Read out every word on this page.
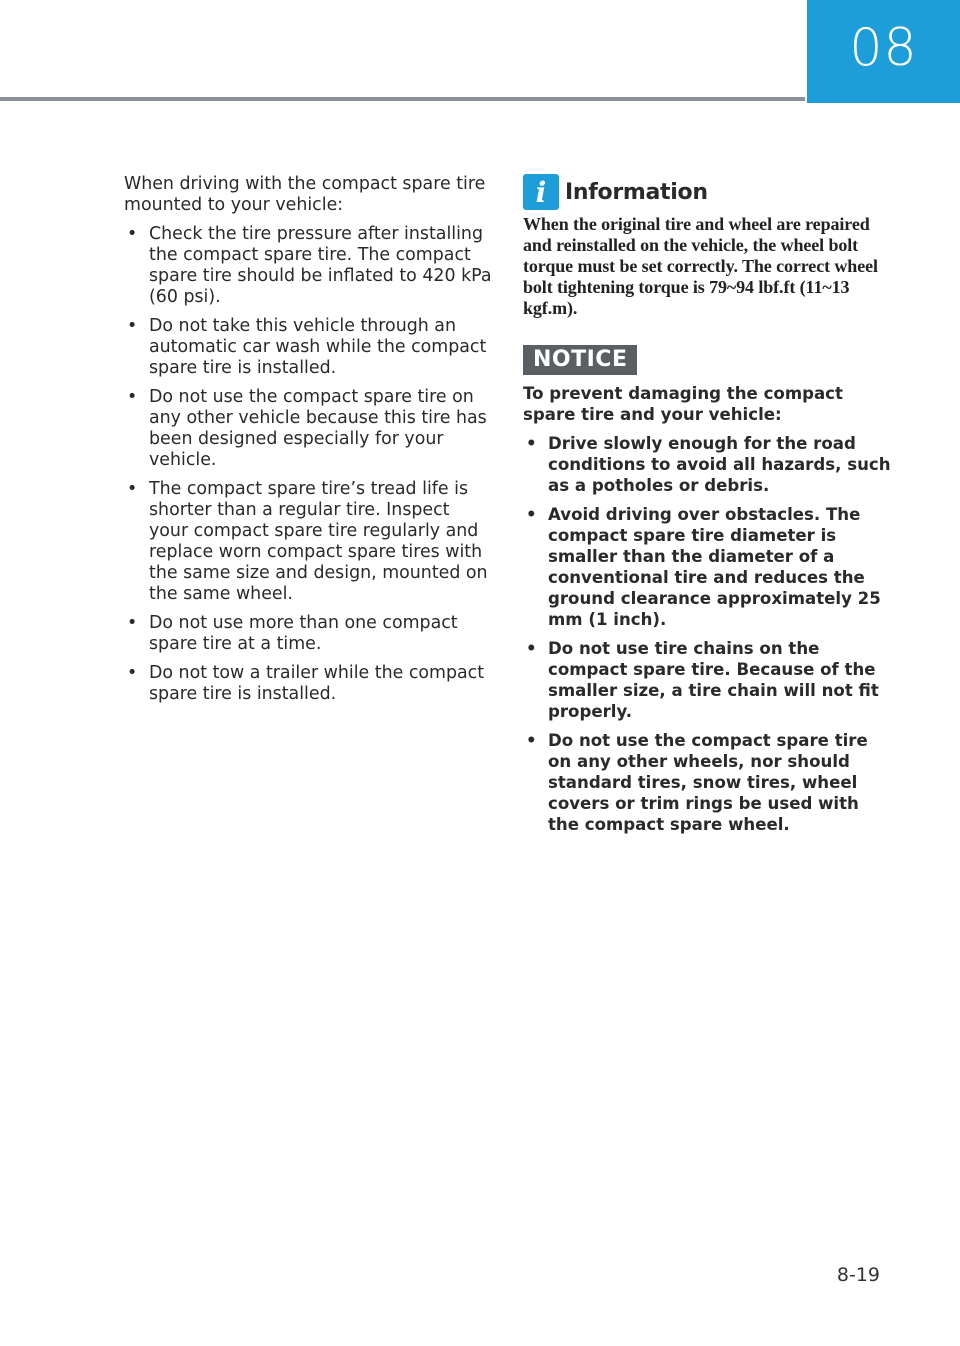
08

When driving with the compact spare tire mounted to your vehicle:

• Check the tire pressure after installing the compact spare tire. The compact spare tire should be inflated to 420 kPa (60 psi).
• Do not take this vehicle through an automatic car wash while the compact spare tire is installed.
• Do not use the compact spare tire on any other vehicle because this tire has been designed especially for your vehicle.
• The compact spare tire’s tread life is shorter than a regular tire. Inspect your compact spare tire regularly and replace worn compact spare tires with the same size and design, mounted on the same wheel.
• Do not use more than one compact spare tire at a time.
• Do not tow a trailer while the compact spare tire is installed.
i Information

When the original tire and wheel are repaired and reinstalled on the vehicle, the wheel bolt torque must be set correctly. The correct wheel bolt tightening torque is 79~94 lbf.ft (11~13 kgf.m).

NOTICE

To prevent damaging the compact spare tire and your vehicle:

• Drive slowly enough for the road conditions to avoid all hazards, such as a potholes or debris.
• Avoid driving over obstacles. The compact spare tire diameter is smaller than the diameter of a conventional tire and reduces the ground clearance approximately 25 mm (1 inch).
• Do not use tire chains on the compact spare tire. Because of the smaller size, a tire chain will not fit properly.
• Do not use the compact spare tire on any other wheels, nor should standard tires, snow tires, wheel covers or trim rings be used with the compact spare wheel.
8-19
